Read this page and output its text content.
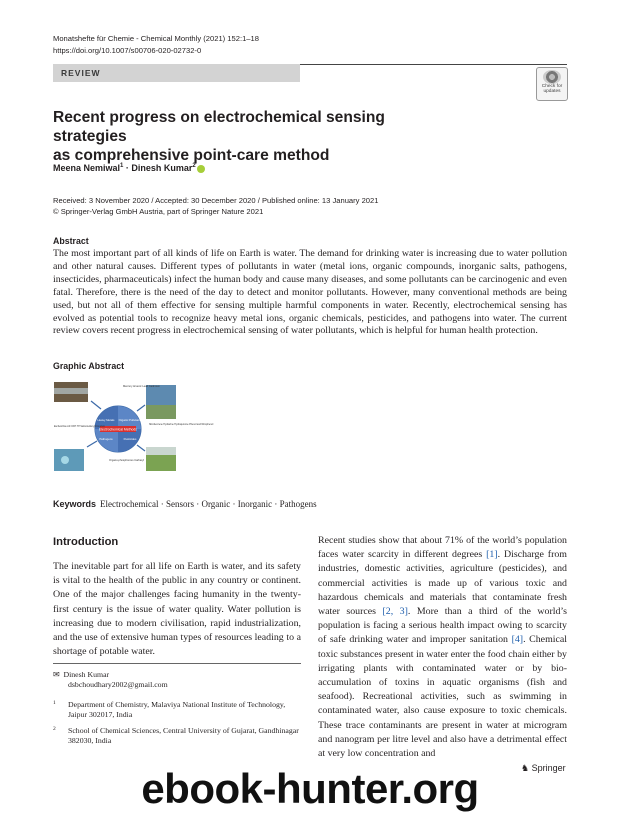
Monatshefte für Chemie - Chemical Monthly (2021) 152:1–18
https://doi.org/10.1007/s00706-020-02732-0
REVIEW
Check for
updates
Recent progress on electrochemical sensing strategies
as comprehensive point-care method
Meena Nemiwal$^1$ · Dinesh Kumar$^2$
Received: 3 November 2020 / Accepted: 30 December 2020 / Published online: 13 January 2021
© Springer-Verlag GmbH Austria, part of Springer Nature 2021
Abstract
The most important part of all kinds of life on Earth is water. The demand for drinking water is increasing due to water pollution and other natural causes. Different types of pollutants in water (metal ions, organic compounds, inorganic salts, pathogens, insecticides, pharmaceuticals) infect the human body and cause many diseases, and some pollutants can be carcinogenic and even fatal. Therefore, there is the need of the day to detect and monitor pollutants. However, many conventional methods are being used, but not all of them effective for sensing multiple harmful components in water. Recently, electrochemical sensing has evolved as potential tools to recognize heavy metal ions, organic chemicals, pesticides, and pathogens into water. The current review covers recent progress in electrochemical sensing of water pollutants, which is helpful for human health protection.
Graphic Abstract
Electrochemical Methods
Heavy Metals Organic Pollutants
Pathogens	Pesticides
Mercury Arsenic Lead Cadmium
Nitrobenzene Hydrazine Hydroquinone Phenol and Nitrophenol
Escherichia coli O157:H7 Salmonella typhimurium
Organo-phosphorous Carbaryl
Keywords Electrochemical · Sensors · Organic · Inorganic · Pathogens
Introduction
The inevitable part for all life on Earth is water, and its safety is vital to the health of the public in any country or continent. One of the major challenges facing humanity in the twenty-first century is the issue of water quality. Water pollution is increasing due to modern civilisation, rapid industrialization, and the use of extensive human types of resources leading to a shortage of potable water.
Recent studies show that about 71% of the world’s population faces water scarcity in different degrees [1]. Discharge from industries, domestic activities, agriculture (pesticides), and commercial activities is made up of various toxic and hazardous chemicals and materials that contaminate fresh water sources [2, 3]. More than a third of the world’s population is facing a serious health impact owing to scarcity of safe drinking water and improper sanitation [4]. Chemical toxic substances present in water enter the food chain either by irrigating plants with contaminated water or by bio-accumulation of toxins in aquatic organisms (fish and seafood). Recreational activities, such as swimming in contaminated water, also cause exposure to toxic chemicals. These trace contaminants are present in water at microgram and nanogram per litre level and also have a detrimental effect at very low concentration and
✉ Dinesh Kumar
dsbchoudhary2002@gmail.com
1 Department of Chemistry, Malaviya National Institute of Technology, Jaipur 302017, India
2 School of Chemical Sciences, Central University of Gujarat, Gandhinagar 382030, India
♞ Springer
ebook-hunter.org
